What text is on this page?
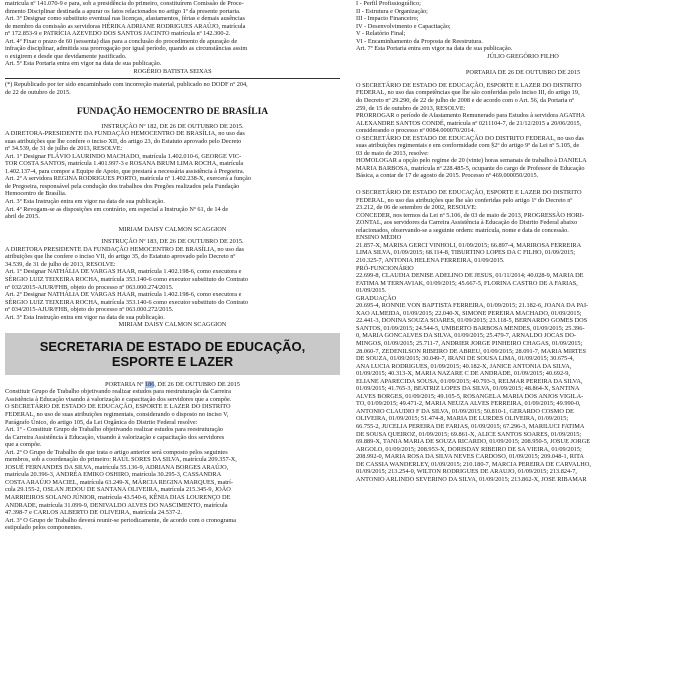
matricula nº 141.070-9 e para, sob a presidência do primeiro, constituírem Comissão de Proce-

dimento Disciplinar destinada a apurar os fatos relacionados no artigo 1º da presente portaria.

Art. 3º Designar como substituto eventual nas licenças, afastamentos, férias e demais ausências

de membro da comissão as servidoras HÉRIKA ADRIANE RODRIGUES ARAÚJO, matrícula

nº 172.853-9 e PATRÍCIA AZEVEDO DOS SANTOS JACINTO matrícula nº 142.300-2.

Art. 4º Fixar o prazo de 60 (sessenta) dias para a conclusão do procedimento de apuração de

infração disciplinar, admitida sua prorrogação por igual período, quando as circunstâncias assim

o exigirem e desde que devidamente justificado.

Art. 5º Esta Portaria entra em vigor na data de sua publicação.

ROGÉRIO BATISTA SEIXAS

(*) Republicado por ter sido encaminhado com incorreção material, publicado no DODF nº 204,

de 22 de outubro de 2015.

FUNDAÇÃO HEMOCENTRO DE BRASÍLIA

INSTRUÇÃO Nº 182, DE 26 DE OUTUBRO DE 2015.

A DIRETORA-PRESIDENTE DA FUNDAÇÃO HEMOCENTRO DE BRASÍLIA, no uso das

suas atribuições que lhe confere o inciso XII, do artigo 23, do Estatuto aprovado pelo Decreto

nº 34.539, de 31 de julho de 2013, RESOLVE:

Art. 1º Designar FLÁVIO LAURINDO MACHADO, matrícula 1.402.010-6, GEORGE VIC-

TOR COSTA SANTOS, matrícula 1.401.997-3 e ROSANA BRUM LIMA ROCHA, matrícula

1.402.137-4, para compor a Equipe de Apoio, que prestará a necessária assistência à Pregoeira.

Art. 2º A servidora REGINA RODRIGUES PORTO, matrícula nº 1.402.238-X, exercerá a função

de Pregoeira, responsável pela condução dos trabalhos dos Pregões realizados pela Fundação

Hemocentro de Brasília.

Art. 3º Esta Instrução entra em vigor na data de sua publicação.

Art. 4º Revogam-se as disposições em contrário, em especial a Instrução Nº 61, de 14 de

abril de 2015.

MIRIAM DAISY CALMON SCAGGION

INSTRUÇÃO Nº 183, DE 26 DE OUTUBRO DE 2015.

A DIRETORA PRESIDENTE DA FUNDAÇÃO HEMOCENTRO DE BRASÍLIA, no uso das

atribuições que lhe confere o inciso VII, do artigo 35, do Estatuto aprovado pelo Decreto nº

34.539, de 31 de julho de 2013, RESOLVE:

Art. 1º Designar NATHÁLIA DE VARGAS HAAR, matrícula 1.402.198-6, como executora e

SÉRGIO LUIZ TEIXEIRA ROCHA, matrícula 353.140-6 como executor substituto do Contrato

nº 032/2015-AJUR/FHB, objeto do processo nº 063.000.274/2015.

Art. 2º Designar NATHÁLIA DE VARGAS HAAR, matrícula 1.402.198-6, como executora e

SÉRGIO LUIZ TEIXEIRA ROCHA, matrícula 353.140-6 como executor substituto do Contrato

nº 034/2015-AJUR/FHB, objeto do processo nº 063.000.272/2015.

Art. 3º Esta Instrução entra em vigor na data de sua publicação.

MIRIAM DAISY CALMON SCAGGION

SECRETARIA DE ESTADO DE EDUCAÇÃO,
ESPORTE E LAZER

PORTARIA Nº 186, DE 26 DE OUTUBRO DE 2015

Constituir Grupo de Trabalho objetivando realizar estudos para reestruturação da Carreira

Assistência à Educação visando à valorização e capacitação dos servidores que a compõe.

O SECRETÁRIO DE ESTADO DE EDUCAÇÃO, ESPORTE E LAZER DO DISTRITO

FEDERAL, no uso de suas atribuições regimentais, considerando o disposto no inciso V,

Parágrafo Único, do artigo 105, da Lei Orgânica do Distrito Federal resolve:

Art. 1º - Constituir Grupo de Trabalho objetivando realizar estudos para reestruturação

da Carreira Assistência à Educação, visando à valorização e capacitação dos servidores

que a compõe.

Art. 2º O Grupo de Trabalho de que trata o artigo anterior será composto pelos seguintes

membros, sob a coordenação do primeiro: RAUL SORES DA SILVA, matrícula 209.357-X,

JOSUÉ FERNANDES DA SILVA, matrícula 55.136-9, ADRIANA BORGES ARAÚJO,

matrícula 20.396-3, ANDRÉA EMIKO OSHIRO, matrícula 30.295-3, CASSANDRA

COSTA ARAÚJO MACIEL, matrícula 63.249-X, MÁRCIA REGINA MARQUES, matrí-

cula 29.155-2, OSLAN JEDOU DE SANTANA OLIVEIRA, matrícula 215.345-9, JOÃO

MARRIEIROS SOLANO JÚNIOR, matrícula 43.540-6, KÊNIA DIAS LOURENÇO DE

ANDRADE, matrícula 31.099-9, DENIVALDO ALVES DO NASCIMENTO, matrícula

47.398-7 e CARLOS ALBERTO DE OLIVEIRA, matrícula 24.537-2.

Art. 3º O Grupo de Trabalho deverá reunir-se periodicamente, de acordo com o cronograma

estipulado pelos componentes.

I - Perfil Profissiográfico;

II - Estrutura e Organização;

III - Impacto Financeiro;

IV - Desenvolvimento e Capacitação;

V - Relatório Final;

VI - Encaminhamento da Proposta de Reestrutura.

Art. 7º Esta Portaria entra em vigor na data de sua publicação.

JÚLIO GREGÓRIO FILHO

PORTARIA DE 26 DE OUTUBRO DE 2015

O SECRETÁRIO DE ESTADO DE EDUCAÇÃO, ESPORTE E LAZER DO DISTRITO

FEDERAL, no uso das competências que lhe são conferidas pelo inciso III, do artigo 19,

do Decreto nº 29.290, de 22 de julho de 2008 e de acordo com o Art. 56, da Portaria nº

259, de 15 de outubro de 2013, RESOLVE:

PRORROGAR o período de Afastamento Remunerado para Estudos à servidora AGATHA

ALEXANDRE SANTOS CONDÉ, matrícula nº 0211104-7, de 21/12/2015 a 20/06/2015,

considerando o processo nº 0084.000070/2014.

O SECRETÁRIO DE ESTADO DE EDUCAÇÃO DO DISTRITO FEDERAL, no uso das

suas atribuições regimentais e em conformidade com §2º do artigo 9º da Lei nº 5.105, de

03 de maio de 2013, resolve:

HOMOLOGAR a opção pelo regime de 20 (vinte) horas semanais de trabalho à DANIELA

MARIA BARBOSA, matrícula nº 228.485-5, ocupante do cargo de Professor de Educação

Básica, a contar de 17 de agosto de 2015. Processo nº 469.000050/2015.

O SECRETÁRIO DE ESTADO DE EDUCAÇÃO, ESPORTE E LAZER DO DISTRITO

FEDERAL, no uso das atribuições que lhe são conferidas pelo artigo 1º do Decreto nº

23.212, de 06 de setembro de 2002, RESOLVE:

CONCEDER, nos termos da Lei nº 5.106, de 03 de maio de 2013, PROGRESSÃO HORI-

ZONTAL, aos servidores da Carreira Assistência à Educação do Distrito Federal abaixo

relacionados, observando-se a seguinte ordem: matrícula, nome e data de concessão.

ENSINO MÉDIO

21.857-X, MARISA GERCI VINHOLI, 01/09/2015; 66.897-4, MARIROSA FERREIRA

LIMA SILVA, 01/09/2015; 68.114-8, TIBURTINO LOPES DA C FILHO, 01/09/2015;

210.325-7, ANTONIA HELENA FERREIRA, 01/09/2015.

PRÓ-FUNCIONÁRIO

22.699-8, CLAUDIA DENISE ADELINO DE JESUS, 01/11/2014; 40.028-9, MARIA DE

FATIMA M TERNAVIAK, 01/09/2015; 45.667-5, FLORINA CASTRO DE A FARIAS,

01/09/2015.

GRADUAÇÃO

20.695-4, RONNIE VON BAPTISTA FERREIRA, 01/09/2015; 21.182-6, JOANA DA PAI-

XAO ALMEIDA, 01/09/2015; 22.040-X, SIMONE PEREIRA MACHADO, 01/09/2015;

22.441-3, DONINA SOUZA SOARES, 01/09/2015; 23.118-5, BERNARDO GOMES DOS

SANTOS, 01/09/2015; 24.544-5, UMBERTO BARBOSA MENDES, 01/09/2015; 25.396-

0, MARIA GONCALVES DA SILVA, 01/09/2015; 25.479-7, ARNALDO JOCAS DO-

MINGOS, 01/09/2015; 25.711-7, ANDRIER JORGE PINHEIRO CHAGAS, 01/09/2015;

28.060-7, ZEDENILSON RIBEIRO DE ABREU, 01/09/2015; 28.091-7, MARIA MIRTES

DE SOUZA, 01/09/2015; 30.049-7, IRANI DE SOUSA LIMA, 01/09/2015; 30.675-4,

ANA LUCIA RODRIGUES, 01/09/2015; 40.182-X, JANICE ANTONIA DA SILVA,

01/09/2015; 40.313-X, MARIA NAZARE C DE ANDRADE, 01/09/2015; 40.692-9,

ELIANE APARECIDA SOUSA, 01/09/2015; 40.793-3, RELMAR PEREIRA DA SILVA,

01/09/2015; 41.765-3, BEATRIZ LOPES DA SILVA, 01/09/2015; 48.864-X, SANTINA

ALVES BORGES, 01/09/2015; 49.105-5, ROSANGELA MARIA DOS ANJOS VIGILA-

TO, 01/09/2015; 49.471-2, MARIA NEUZA ALVES FERREIRA, 01/09/2015; 49.990-0,

ANTONIO CLAUDIO F DA SILVA, 01/09/2015; 50.810-1, GERARDO COSMO DE

OLIVEIRA, 01/09/2015; 51.474-8, MARIA DE LURDES OLIVEIRA, 01/09/2015;

66.755-2, JUCELIA PEREIRA DE FARIAS, 01/09/2015; 67.296-3, MARILUCI FATIMA

DE SOUSA QUEIROZ, 01/09/2015; 69.861-X, ALICE SANTOS SOARES, 01/09/2015;

69.889-X, TANIA MARIA DE SOUZA RICARDO, 01/09/2015; 208.950-5, JOSUE JORGE

ARGOLO, 01/09/2015; 208.953-X, DORISDAY RIBEIRO DE SA VIEIRA, 01/09/2015;

208.992-0, MARIA ROSA DA SILVA NEVES CARDOSO, 01/09/2015; 209.048-1, RITA

DE CASSIA WANDERLEY, 01/09/2015; 210.180-7, MARCIA PEREIRA DE CARVALHO,

01/09/2015; 213.254-0, WILTON RODRIGUES DE ARAUJO, 01/09/2015; 213.824-7,

ANTONIO ARLINDO SEVERINO DA SILVA, 01/09/2015; 213.862-X, JOSE RIBAMAR
